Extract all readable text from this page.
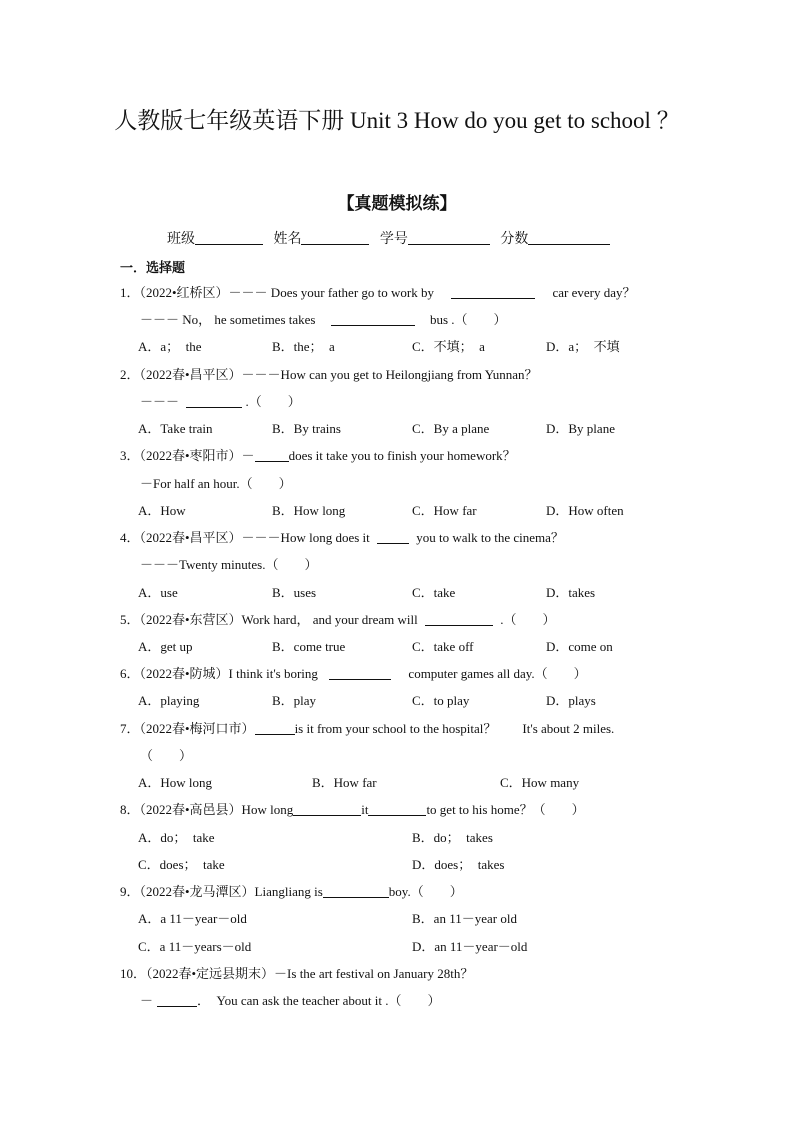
人教版七年级英语下册 Unit 3 How do you get to school ？
【真题模拟练】
班级	姓名	学号	分数
一．选择题
1．（2022•红桥区）－－－ Does your father go to work by	car every day？
－－－ No， he sometimes takes	bus .（　　）
A．a；　the	B．the；　a	C．不填；　a	D．a；　不填
2．（2022春•昌平区）－－－How can you get to Heilongjiang from Yunnan？
－－－	.（　　）
A．Take train	B．By trains	C．By a plane	D．By plane
3．（2022春•枣阳市）－	does it take you to finish your homework？
－For half an hour.（　　）
A．How	B．How long	C．How far	D．How often
4．（2022春•昌平区）－－－How long does it	you to walk to the cinema？
－－－Twenty minutes.（　　）
A．use	B．uses	C．take	D．takes
5．（2022春•东营区）Work hard， and your dream will	.（　　）
A．get up	B．come true	C．take off	D．come on
6．（2022春•防城）I think it's boring	computer games all day.（　　）
A．playing	B．play	C．to play	D．plays
7．（2022春•梅河口市）	is it from your school to the hospital？　　It's about 2 miles.
（　　）
A．How long	B．How far	C．How many
8．（2022春•高邑县）How long	it	to get to his home？（　　）
A．do；　take	B．do；　takes
C．does；　take	D．does；　takes
9．（2022春•龙马潭区）Liangliang is	boy.（　　）
A．a 11－year－old	B．an 11－year old
C．a 11－years－old	D．an 11－year－old
10．（2022春•定远县期末）－Is the art festival on January 28th？
－	．　You can ask the teacher about it .（　　）
